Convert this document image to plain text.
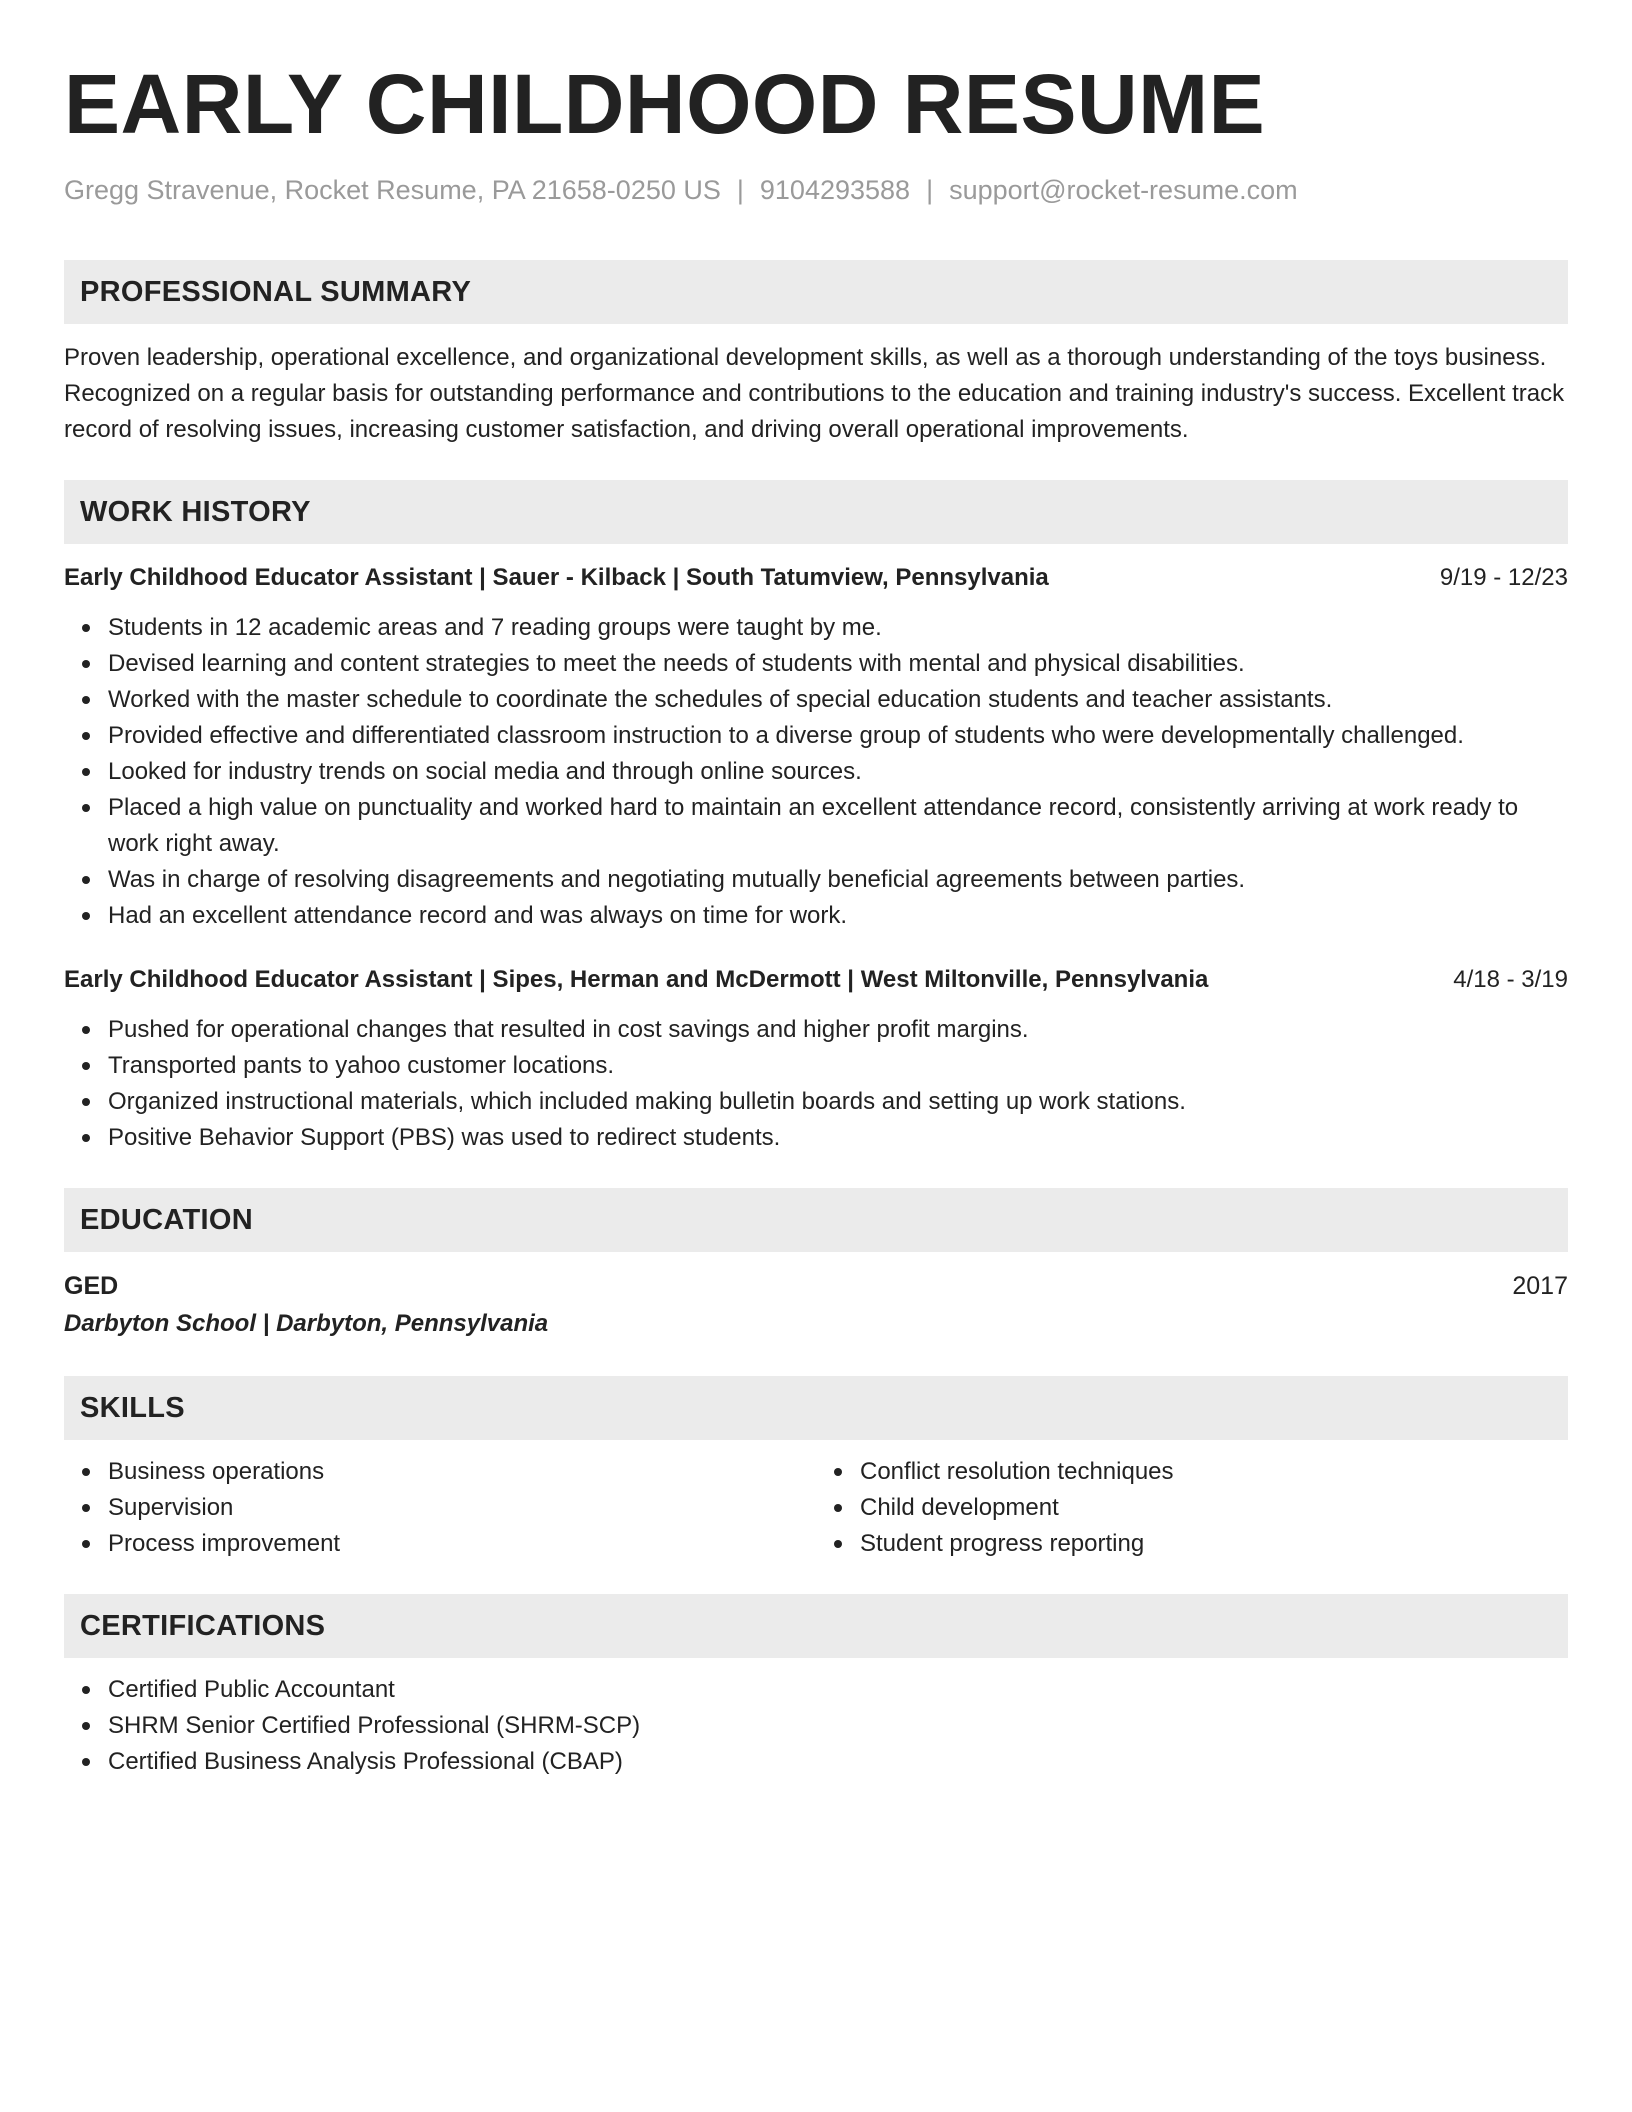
EARLY CHILDHOOD RESUME
Gregg Stravenue, Rocket Resume, PA 21658-0250 US | 9104293588 | support@rocket-resume.com
PROFESSIONAL SUMMARY

Proven leadership, operational excellence, and organizational development skills, as well as a thorough understanding of the toys business. Recognized on a regular basis for outstanding performance and contributions to the education and training industry's success. Excellent track record of resolving issues, increasing customer satisfaction, and driving overall operational improvements.

WORK HISTORY
Early Childhood Educator Assistant | Sauer - Kilback | South Tatumview, Pennsylvania	9/19 - 12/23
Students in 12 academic areas and 7 reading groups were taught by me.
Devised learning and content strategies to meet the needs of students with mental and physical disabilities.
Worked with the master schedule to coordinate the schedules of special education students and teacher assistants.
Provided effective and differentiated classroom instruction to a diverse group of students who were developmentally challenged.
Looked for industry trends on social media and through online sources.
Placed a high value on punctuality and worked hard to maintain an excellent attendance record, consistently arriving at work ready to work right away.
Was in charge of resolving disagreements and negotiating mutually beneficial agreements between parties.
Had an excellent attendance record and was always on time for work.
Early Childhood Educator Assistant | Sipes, Herman and McDermott | West Miltonville, Pennsylvania	4/18 - 3/19
Pushed for operational changes that resulted in cost savings and higher profit margins.
Transported pants to yahoo customer locations.
Organized instructional materials, which included making bulletin boards and setting up work stations.
Positive Behavior Support (PBS) was used to redirect students.
EDUCATION
GED	2017
Darbyton School | Darbyton, Pennsylvania
SKILLS
Business operations
Supervision
Process improvement
Conflict resolution techniques
Child development
Student progress reporting
CERTIFICATIONS
Certified Public Accountant
SHRM Senior Certified Professional (SHRM-SCP)
Certified Business Analysis Professional (CBAP)
